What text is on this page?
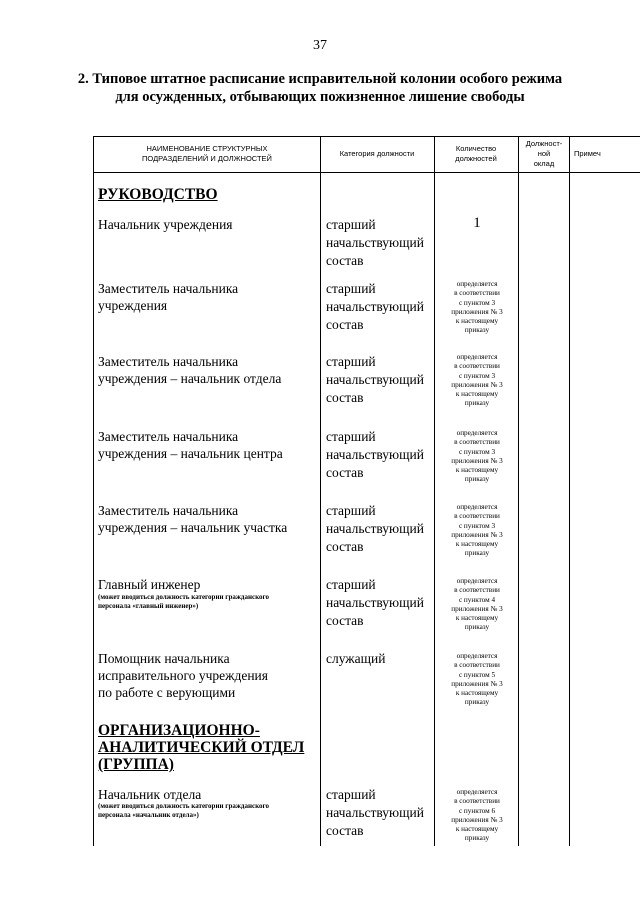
37
2. Типовое штатное расписание исправительной колонии особого режима
для осужденных, отбывающих пожизненное лишение свободы
НАИМЕНОВАНИЕ СТРУКТУРНЫХ
ПОДРАЗДЕЛЕНИЙ И ДОЛЖНОСТЕЙ
Категория должности
Количество
должностей
Должност-
ной
оклад
Примеч
РУКОВОДСТВО
Начальник учреждения	старший
начальствующий
состав
1
Заместитель начальника
учреждения
старший
начальствующий
состав
определяется
в соответствии
с пунктом 3
приложения № 3
к настоящему
приказу
Заместитель начальника
учреждения – начальник отдела
старший
начальствующий
состав
определяется
в соответствии
с пунктом 3
приложения № 3
к настоящему
приказу
Заместитель начальника
учреждения – начальник центра
старший
начальствующий
состав
определяется
в соответствии
с пунктом 3
приложения № 3
к настоящему
приказу
Заместитель начальника
учреждения – начальник участка
старший
начальствующий
состав
определяется
в соответствии
с пунктом 3
приложения № 3
к настоящему
приказу
Главный инженер
(может вводиться должность категории гражданского
персонала «главный инженер»)
старший
начальствующий
состав
определяется
в соответствии
с пунктом 4
приложения № 3
к настоящему
приказу
Помощник начальника
исправительного учреждения
по работе с верующими
служащий	определяется
в соответствии
с пунктом 5
приложения № 3
к настоящему
приказу
ОРГАНИЗАЦИОННО-
АНАЛИТИЧЕСКИЙ ОТДЕЛ
(ГРУППА)
Начальник отдела
(может вводиться должность категории гражданского
персонала «начальник отдела»)
старший
начальствующий
состав
определяется
в соответствии
с пунктом 6
приложения № 3
к настоящему
приказу
